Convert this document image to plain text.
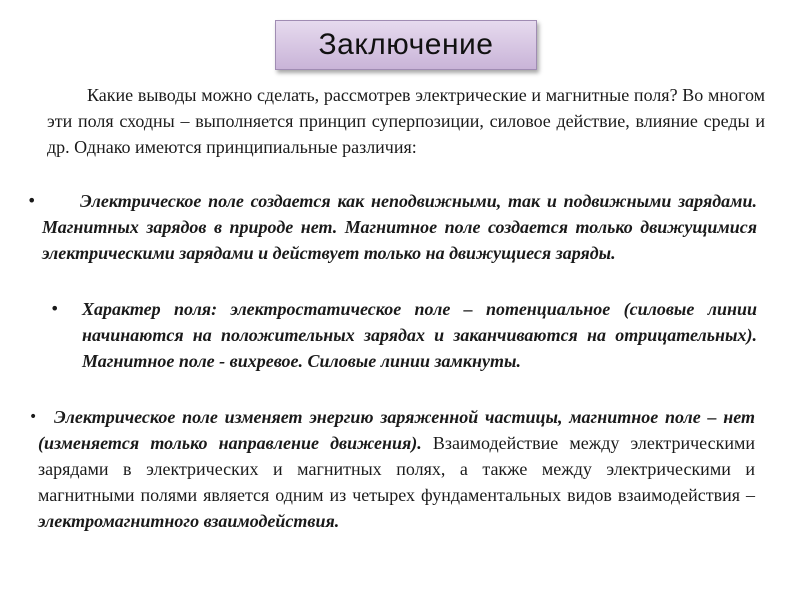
Заключение

Какие выводы можно сделать, рассмотрев электрические и магнитные поля? Во многом эти поля сходны – выполняется принцип суперпозиции, силовое действие, влияние среды и др. Однако имеются принципиальные различия:

•	Электрическое поле создается как неподвижными, так и подвижными зарядами. Магнитных зарядов в природе нет. Магнитное поле создается только движущимися электрическими зарядами и действует только на движущиеся заряды.

• Характер поля: электростатическое поле – потенциальное (силовые линии начинаются на положительных зарядах и заканчиваются на отрицательных). Магнитное поле - вихревое. Силовые линии замкнуты.

Электрическое поле изменяет энергию заряженной частицы, магнитное поле – нет (изменяется только направление движения). Взаимодействие между электрическими зарядами в электрических и магнитных полях, а также между электрическими и магнитными полями является одним из четырех фундаментальных видов взаимодействия – электромагнитного взаимодействия.

•
